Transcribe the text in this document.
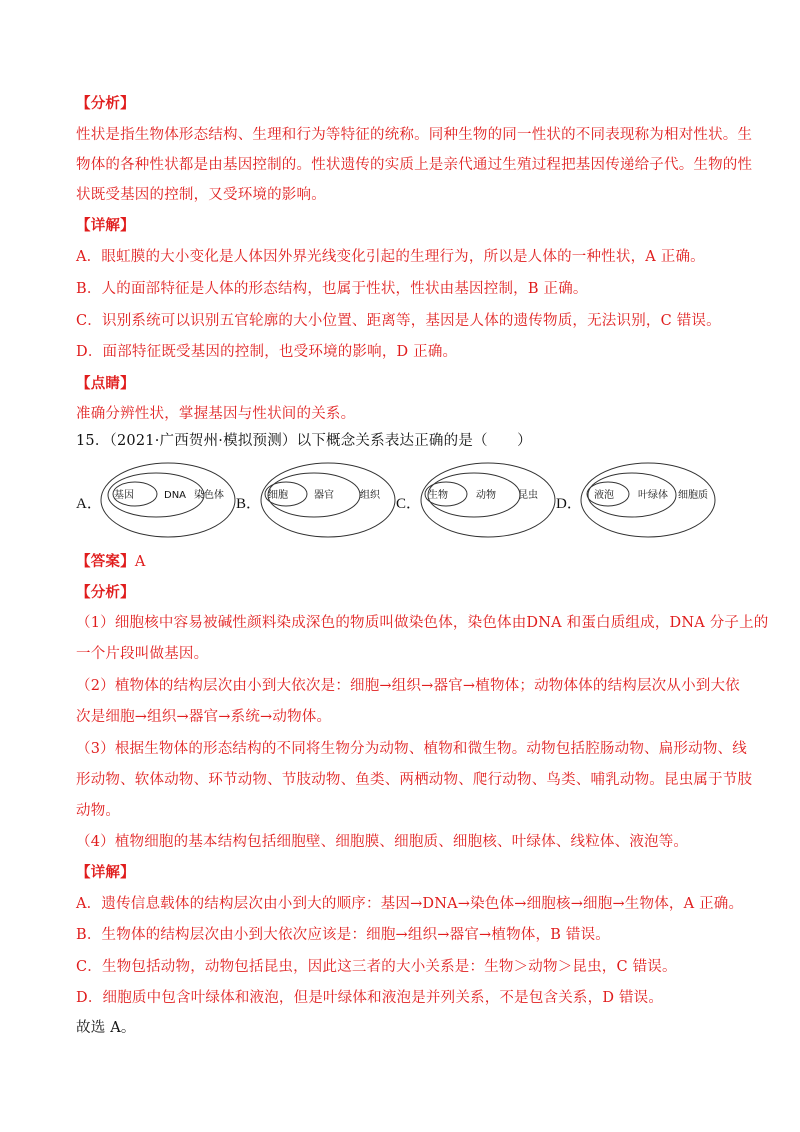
【分析】
性状是指生物体形态结构、生理和行为等特征的统称。同种生物的同一性状的不同表现称为相对性状。生
物体的各种性状都是由基因控制的。性状遗传的实质上是亲代通过生殖过程把基因传递给子代。生物的性
状既受基因的控制，又受环境的影响。
【详解】
A．眼虹膜的大小变化是人体因外界光线变化引起的生理行为，所以是人体的一种性状，A 正确。
B．人的面部特征是人体的形态结构，也属于性状，性状由基因控制，B 正确。
C．识别系统可以识别五官轮廓的大小位置、距离等，基因是人体的遗传物质，无法识别，C 错误。
D．面部特征既受基因的控制，也受环境的影响，D 正确。
【点睛】
准确分辨性状，掌握基因与性状间的关系。
15．（2021·广西贺州·模拟预测）以下概念关系表达正确的是（　　）
A．
基因	DNA 染色体
B．
细胞	器官	组织
C．
生物	动物 昆虫
D．
液泡 叶绿体 细胞质
【答案】A
【分析】
（1）细胞核中容易被碱性颜料染成深色的物质叫做染色体，染色体由DNA 和蛋白质组成，DNA 分子上的
一个片段叫做基因。
（2）植物体的结构层次由小到大依次是：细胞→组织→器官→植物体；动物体体的结构层次从小到大依
次是细胞→组织→器官→系统→动物体。
（3）根据生物体的形态结构的不同将生物分为动物、植物和微生物。动物包括腔肠动物、扁形动物、线
形动物、软体动物、环节动物、节肢动物、鱼类、两栖动物、爬行动物、鸟类、哺乳动物。昆虫属于节肢
动物。
（4）植物细胞的基本结构包括细胞壁、细胞膜、细胞质、细胞核、叶绿体、线粒体、液泡等。
【详解】
A．遗传信息载体的结构层次由小到大的顺序：基因→DNA→染色体→细胞核→细胞→生物体，A 正确。
B．生物体的结构层次由小到大依次应该是：细胞→组织→器官→植物体，B 错误。
C．生物包括动物，动物包括昆虫，因此这三者的大小关系是：生物＞动物＞昆虫，C 错误。
D．细胞质中包含叶绿体和液泡，但是叶绿体和液泡是并列关系，不是包含关系，D 错误。
故选 A。
